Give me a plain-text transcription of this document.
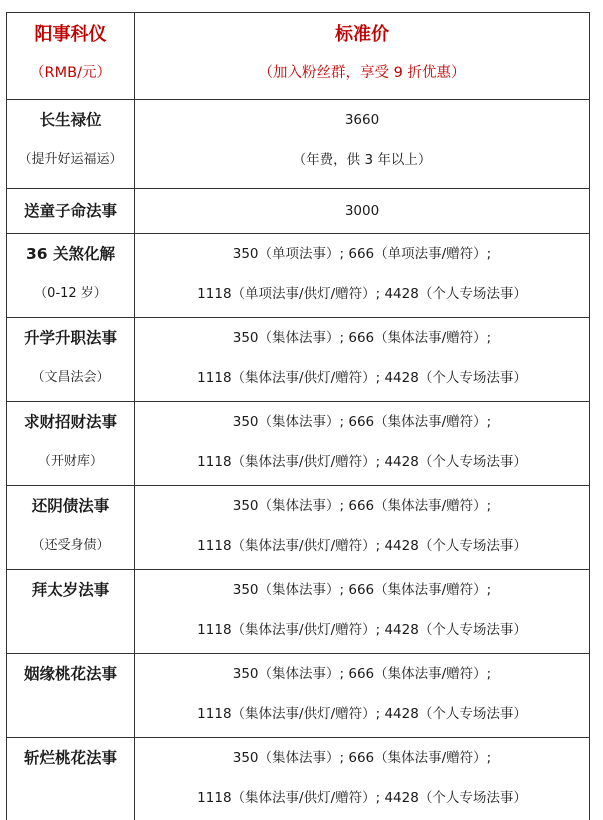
阳事科仪
（RMB/元）	标准价
（加入粉丝群，享受 9 折优惠）

长生禄位
（提升好运福运）	3660
（年费，供 3 年以上）

送童子命法事	3000

36 关煞化解
（0-12 岁）	350（单项法事）; 666（单项法事/赠符）;
1118（单项法事/供灯/赠符）; 4428（个人专场法事）

升学升职法事
（文昌法会）	350（集体法事）; 666（集体法事/赠符）;
1118（集体法事/供灯/赠符）; 4428（个人专场法事）

求财招财法事
（开财库）	350（集体法事）; 666（集体法事/赠符）;
1118（集体法事/供灯/赠符）; 4428（个人专场法事）

还阴债法事
（还受身债）	350（集体法事）; 666（集体法事/赠符）;
1118（集体法事/供灯/赠符）; 4428（个人专场法事）

拜太岁法事	350（集体法事）; 666（集体法事/赠符）;
1118（集体法事/供灯/赠符）; 4428（个人专场法事）

姻缘桃花法事	350（集体法事）; 666（集体法事/赠符）;
1118（集体法事/供灯/赠符）; 4428（个人专场法事）

斩烂桃花法事	350（集体法事）; 666（集体法事/赠符）;
1118（集体法事/供灯/赠符）; 4428（个人专场法事）
